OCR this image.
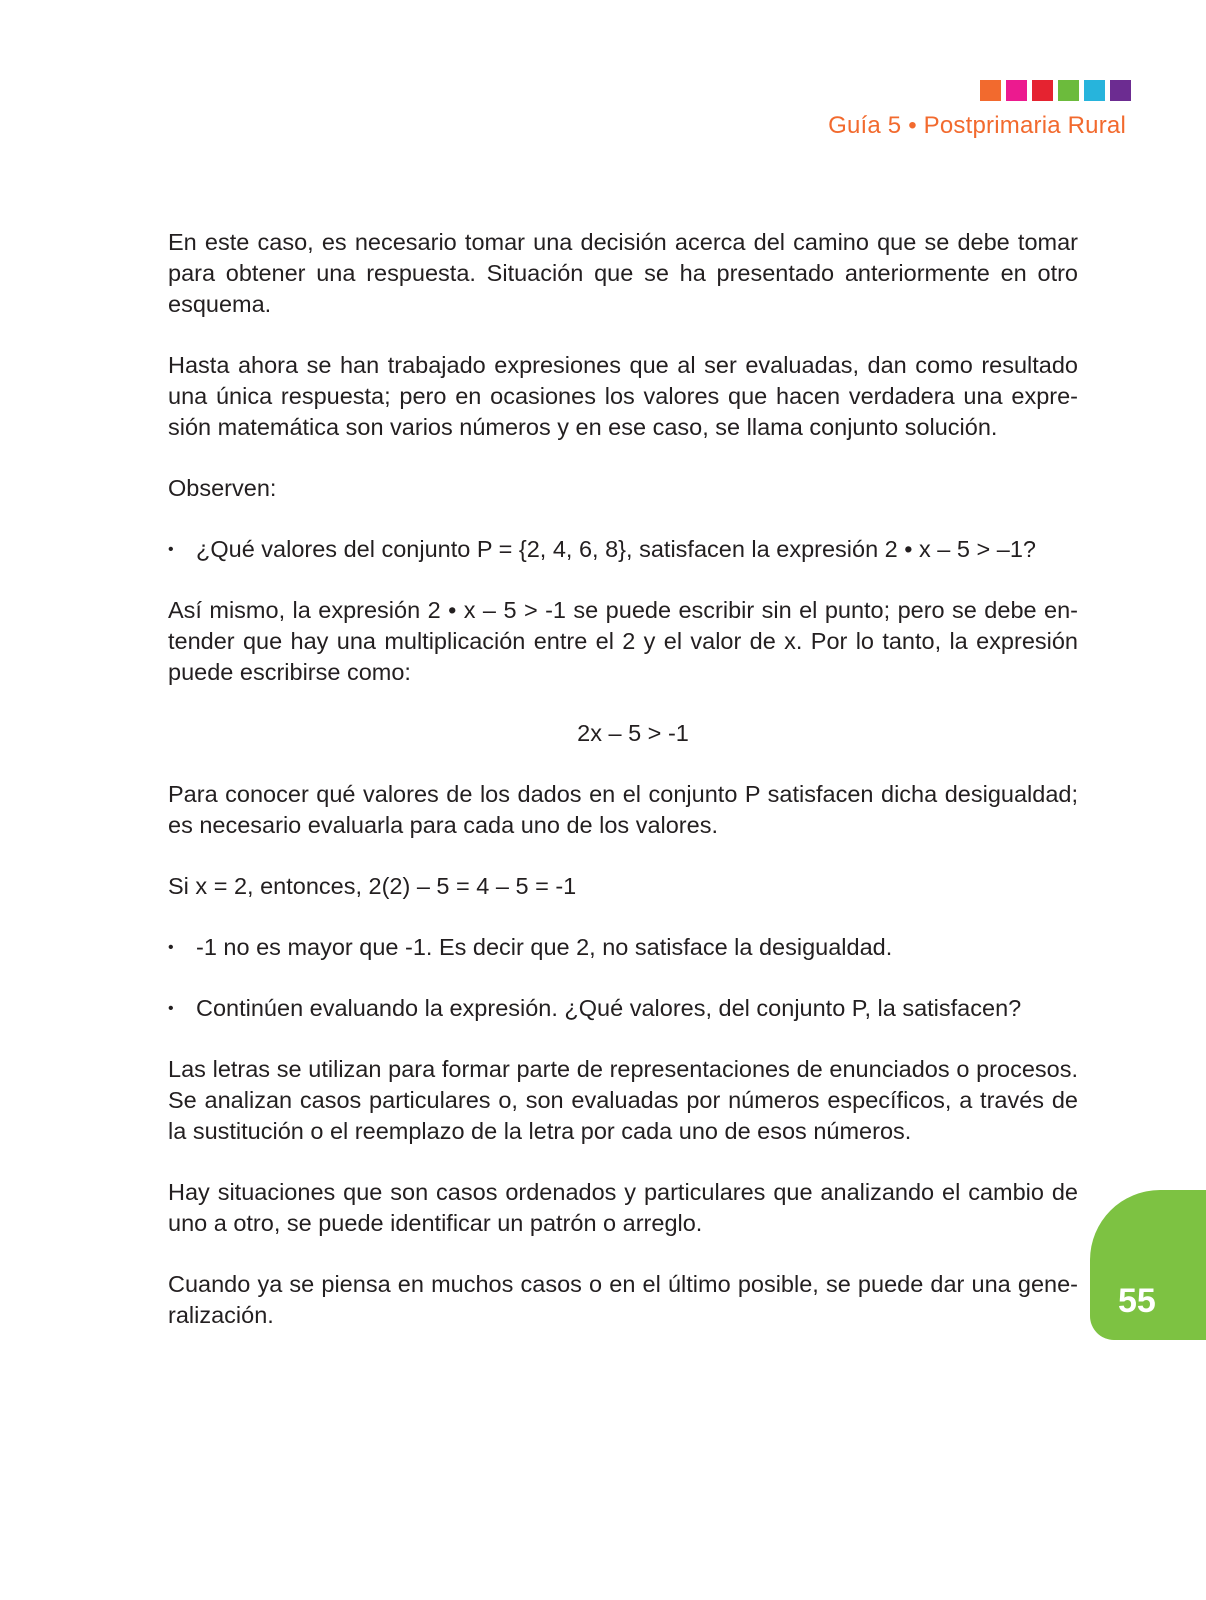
Guía 5 • Postprimaria Rural

En este caso, es necesario tomar una decisión acerca del camino que se debe tomar para obtener una respuesta. Situación que se ha presentado anteriormente en otro esquema.

Hasta ahora se han trabajado expresiones que al ser evaluadas, dan como resultado una única respuesta; pero en ocasiones los valores que hacen verdadera una expre-sión matemática son varios números y en ese caso, se llama conjunto solución.

Observen:

• ¿Qué valores del conjunto P = {2, 4, 6, 8}, satisfacen la expresión 2 • x – 5 > –1?

Así mismo, la expresión 2 • x – 5 > -1 se puede escribir sin el punto; pero se debe en-tender que hay una multiplicación entre el 2 y el valor de x. Por lo tanto, la expresión puede escribirse como:

2x – 5 > -1

Para conocer qué valores de los dados en el conjunto P satisfacen dicha desigualdad; es necesario evaluarla para cada uno de los valores.

Si x = 2, entonces, 2(2) – 5 = 4 – 5 = -1

• -1 no es mayor que -1. Es decir que 2, no satisface la desigualdad.
• Continúen evaluando la expresión. ¿Qué valores, del conjunto P, la satisfacen?

Las letras se utilizan para formar parte de representaciones de enunciados o procesos. Se analizan casos particulares o, son evaluadas por números específicos, a través de la sustitución o el reemplazo de la letra por cada uno de esos números.

Hay situaciones que son casos ordenados y particulares que analizando el cambio de uno a otro, se puede identificar un patrón o arreglo.

Cuando ya se piensa en muchos casos o en el último posible, se puede dar una gene-ralización.	55
